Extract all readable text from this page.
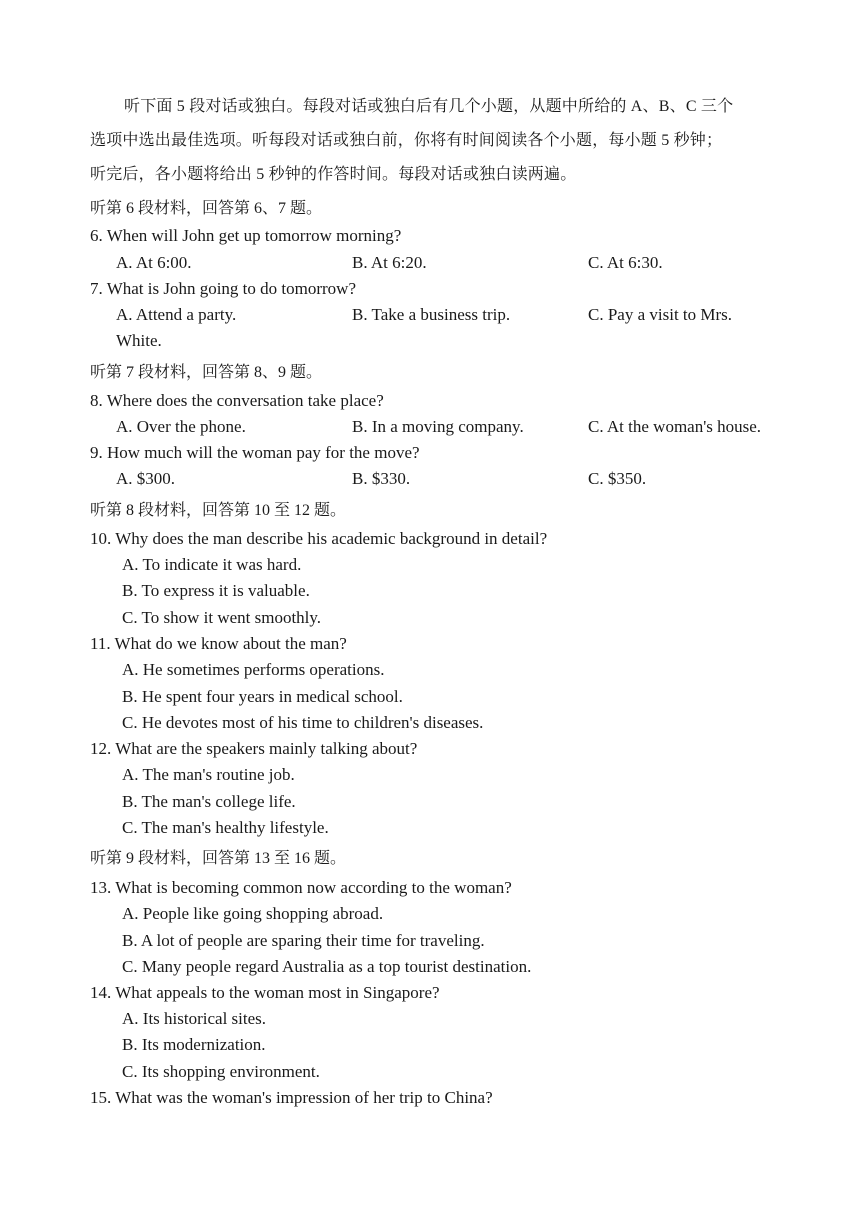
听下面 5 段对话或独白。每段对话或独白后有几个小题，从题中所给的 A、B、C 三个
选项中选出最佳选项。听每段对话或独白前，你将有时间阅读各个小题，每小题 5 秒钟；
听完后，各小题将给出 5 秒钟的作答时间。每段对话或独白读两遍。
听第 6 段材料，回答第 6、7 题。
6. When will John get up tomorrow morning?
A. At 6:00.	B. At 6:20.	C. At 6:30.
7. What is John going to do tomorrow?
A. Attend a party.	B. Take a business trip.	C. Pay a visit to Mrs.
White.
听第 7 段材料，回答第 8、9 题。
8. Where does the conversation take place?
A. Over the phone.	B. In a moving company.	C. At the woman's house.
9. How much will the woman pay for the move?
A. $300.	B. $330.	C. $350.
听第 8 段材料，回答第 10 至 12 题。
10. Why does the man describe his academic background in detail?
A. To indicate it was hard.
B. To express it is valuable.
C. To show it went smoothly.
11. What do we know about the man?
A. He sometimes performs operations.
B. He spent four years in medical school.
C. He devotes most of his time to children's diseases.
12. What are the speakers mainly talking about?
A. The man's routine job.
B. The man's college life.
C. The man's healthy lifestyle.
听第 9 段材料，回答第 13 至 16 题。
13. What is becoming common now according to the woman?
A. People like going shopping abroad.
B. A lot of people are sparing their time for traveling.
C. Many people regard Australia as a top tourist destination.
14. What appeals to the woman most in Singapore?
A. Its historical sites.
B. Its modernization.
C. Its shopping environment.
15. What was the woman's impression of her trip to China?
